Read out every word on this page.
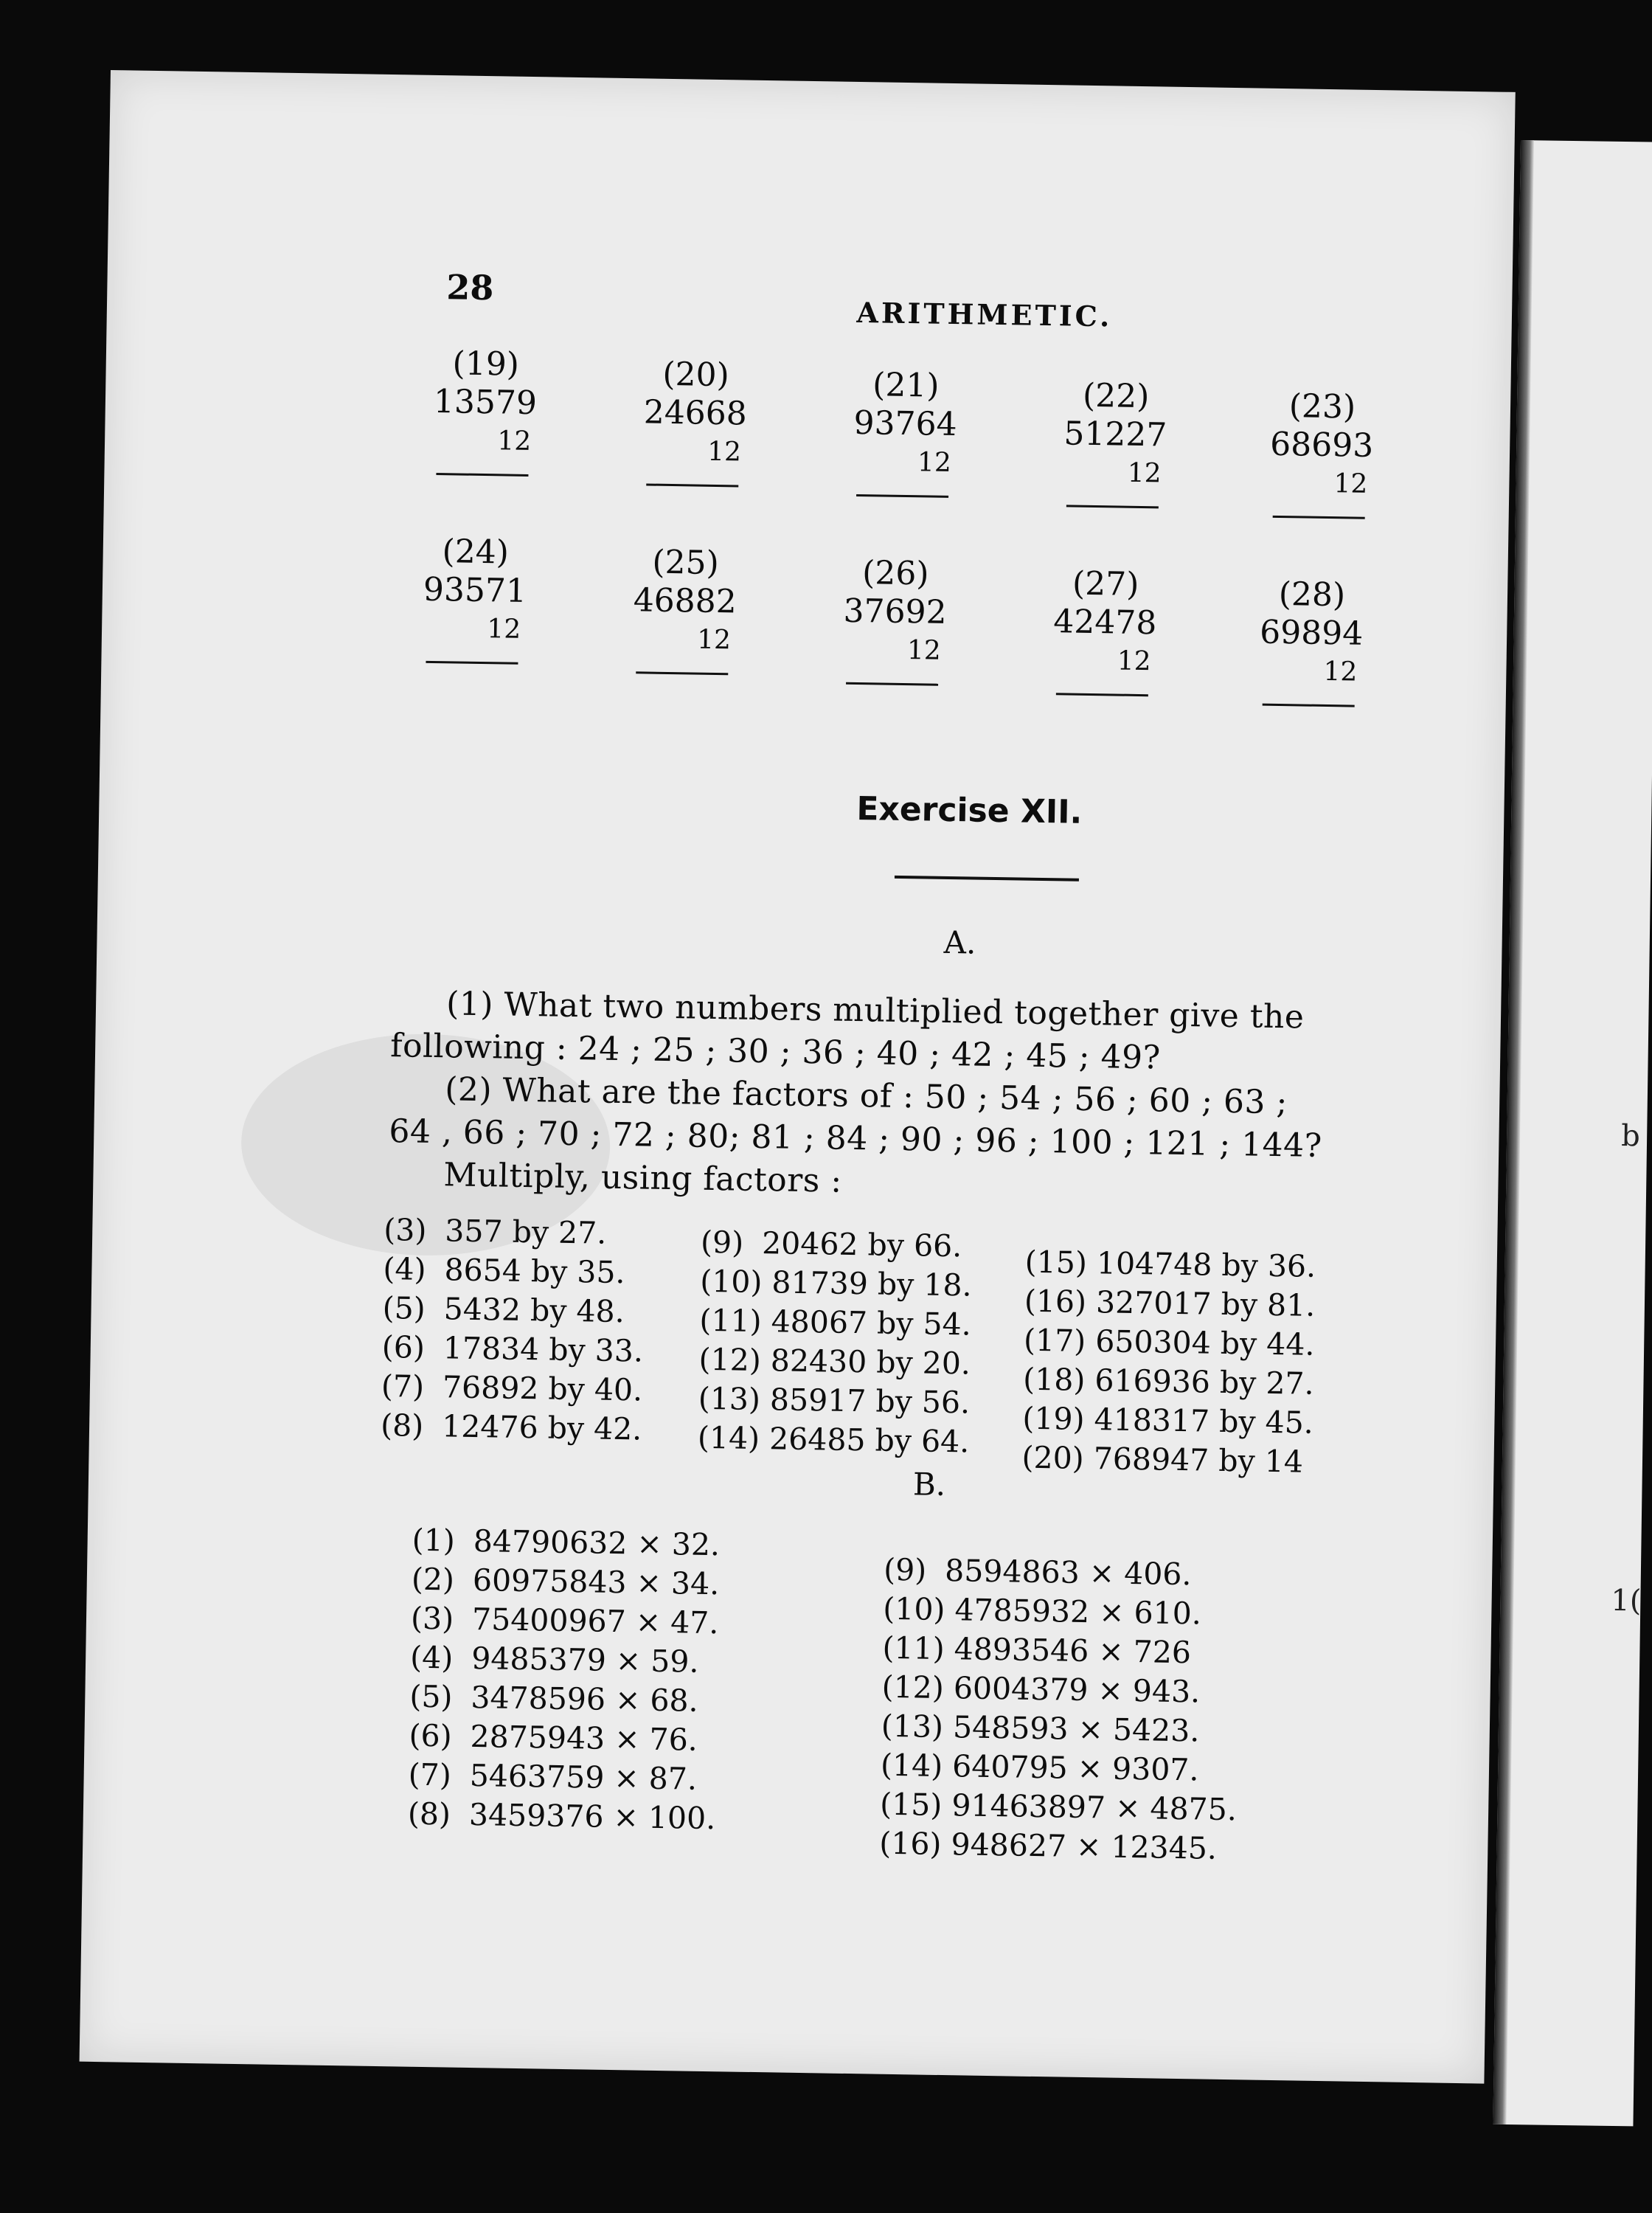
b
1(
28
ARITHMETIC.
(19)
13579
12
(20)
24668
12
(21)
93764
12
(22)
51227
12
(23)
68693
12
(24)
93571
12
(25)
46882
12
(26)
37692
12
(27)
42478
12
(28)
69894
12
Exercise XII.
A.
(1) What two numbers multiplied together give the
following : 24 ; 25 ; 30 ; 36 ; 40 ; 42 ; 45 ; 49?
(2) What are the factors of : 50 ; 54 ; 56 ; 60 ; 63 ;
64 , 66 ; 70 ; 72 ; 80; 81 ; 84 ; 90 ; 96 ; 100 ; 121 ; 144?
Multiply, using factors :
(3) 357 by 27.
(4) 8654 by 35.
(5) 5432 by 48.
(6) 17834 by 33.
(7) 76892 by 40.
(8) 12476 by 42.
(9) 20462 by 66.
(10) 81739 by 18.
(11) 48067 by 54.
(12) 82430 by 20.
(13) 85917 by 56.
(14) 26485 by 64.
(15) 104748 by 36.
(16) 327017 by 81.
(17) 650304 by 44.
(18) 616936 by 27.
(19) 418317 by 45.
(20) 768947 by 14
B.
(1) 84790632 × 32.
(2) 60975843 × 34.
(3) 75400967 × 47.
(4) 9485379 × 59.
(5) 3478596 × 68.
(6) 2875943 × 76.
(7) 5463759 × 87.
(8) 3459376 × 100.
(9) 8594863 × 406.
(10) 4785932 × 610.
(11) 4893546 × 726
(12) 6004379 × 943.
(13) 548593 × 5423.
(14) 640795 × 9307.
(15) 91463897 × 4875.
(16) 948627 × 12345.
